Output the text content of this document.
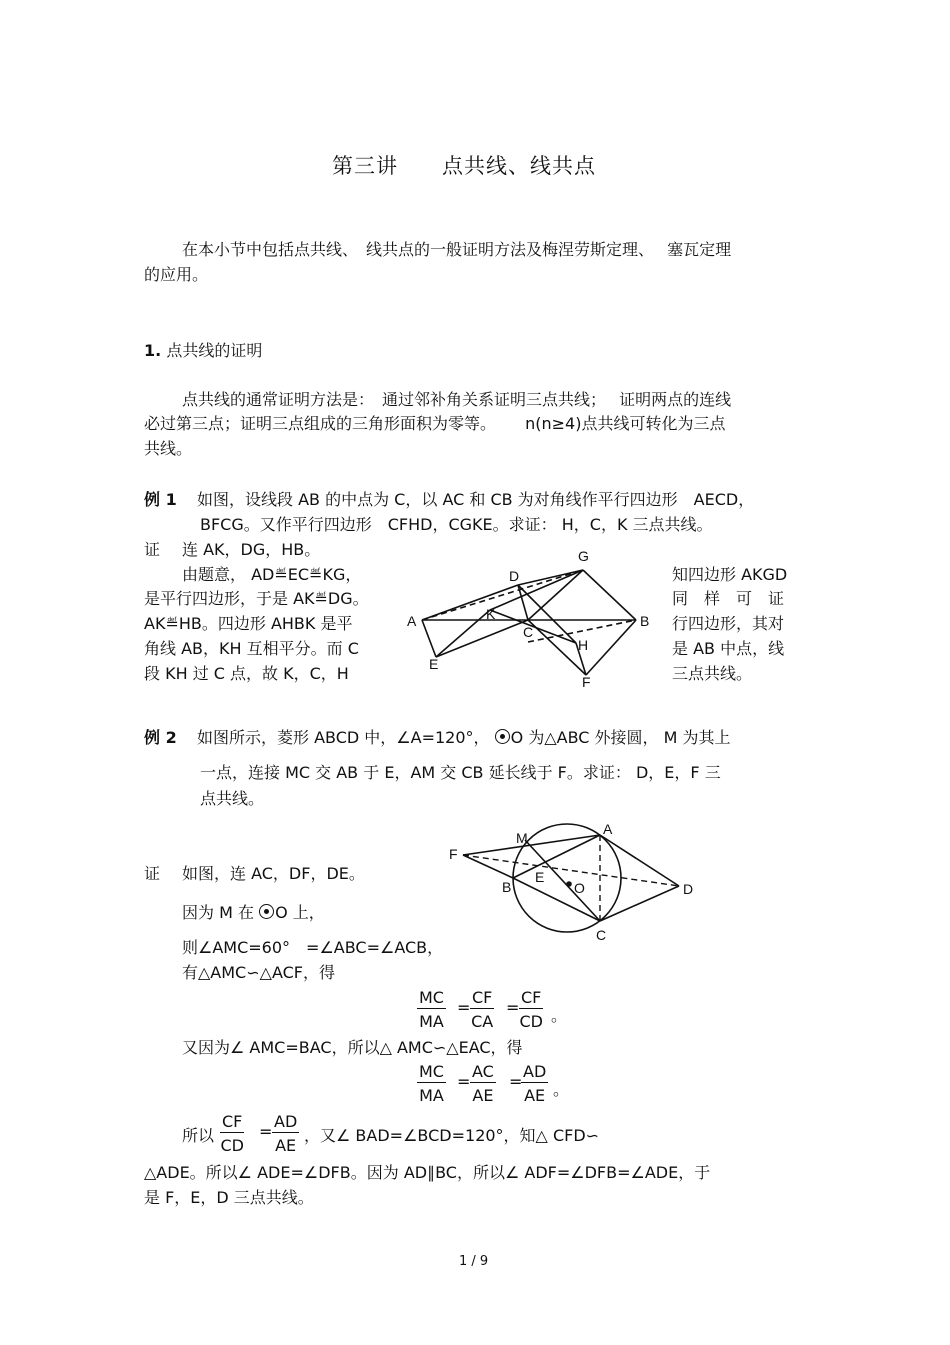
第三讲　　点共线、线共点
在本小节中包括点共线、　线共点的一般证明方法及梅涅劳斯定理、　 塞瓦定理
的应用。
1. 点共线的证明
点共线的通常证明方法是：　通过邻补角关系证明三点共线；　 证明两点的连线
必过第三点；证明三点组成的三角形面积为零等。　　 n(n≥4)点共线可转化为三点
共线。
例 1 如图，设线段 AB 的中点为 C，以 AC 和 CB 为对角线作平行四边形　AECD，
BFCG。又作平行四边形　CFHD，CGKE。求证： H，C，K 三点共线。
证 连 AK，DG，HB。
由题意， AD≝EC≝KG，
是平行四边形，于是 AK≝DG。
AK≝HB。四边形 AHBK 是平
角线 AB，KH 互相平分。而 C
段 KH 过 C 点，故 K，C，H
知四边形 AKGD
同　样　可　证
行四边形，其对
是 AB 中点，线
三点共线。
G
D
K
A
C
B
H
E
F
例 2 如图所示，菱形 ABCD 中，∠A=120°， O 为△ABC 外接圆， M 为其上
一点，连接 MC 交 AB 于 E，AM 交 CB 延长线于 F。求证： D，E，F 三
点共线。
证 如图，连 AC，DF，DE。
因为 M 在 O 上，
则∠AMC=60°　=∠ABC=∠ACB，
有△AMC∽△ACF，得
$\frac{MC}{MA} = \frac{CF}{CA} = \frac{CF}{CD}$ 。
又因为∠ AMC=BAC，所以△ AMC∽△EAC，得
$\frac{MC}{MA} = \frac{AC}{AE}$ =
$\frac{AD}{AE}$ 。
所以 $\frac{CF}{CD} = \frac{AD}{AE}$ ，又∠ BAD=∠BCD=120°，知△ CFD∽
△ADE。所以∠ ADE=∠DFB。因为 AD∥BC，所以∠ ADF=∠DFB=∠ADE，于
是 F，E，D 三点共线。
A
M
F
E
O	D
B
C
1 / 9
